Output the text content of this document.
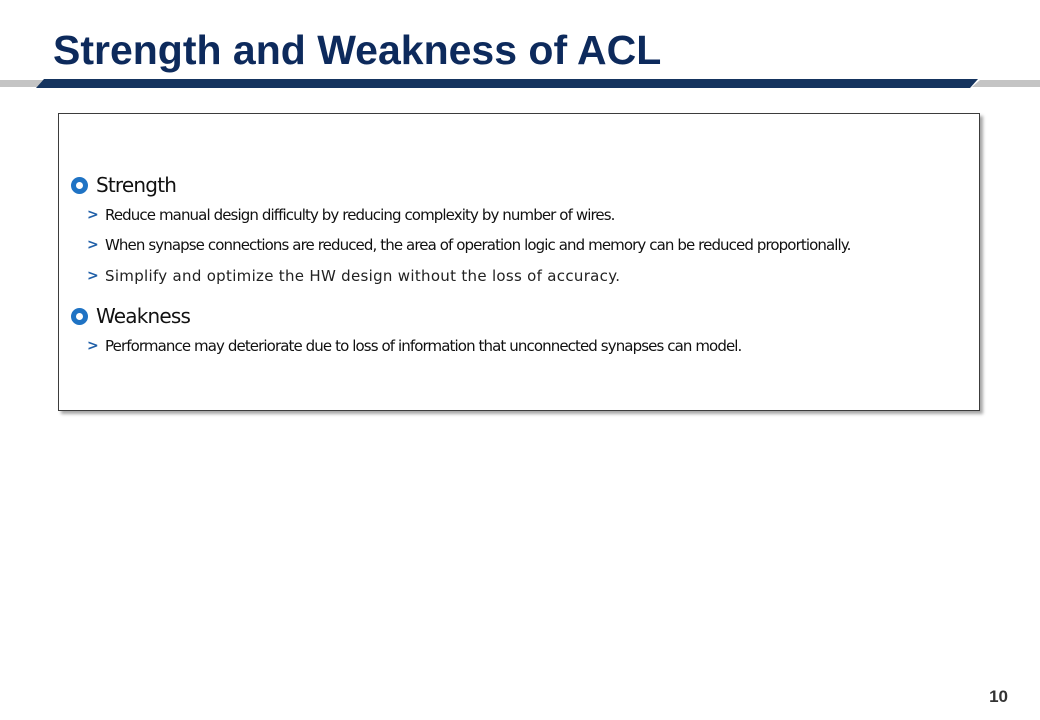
Strength and Weakness of ACL
Strength
> Reduce manual design difficulty by reducing complexity by number of wires.
> When synapse connections are reduced, the area of operation logic and memory can be reduced proportionally.
> Simplify and optimize the HW design without the loss of accuracy.
Weakness
> Performance may deteriorate due to loss of information that unconnected synapses can model.
10
